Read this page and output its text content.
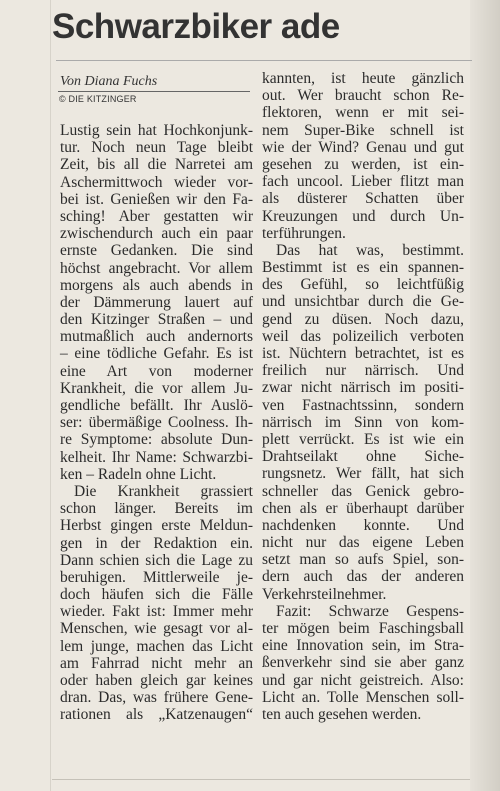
Schwarzbiker ade
Von Diana Fuchs
© DIE KITZINGER
Lustig sein hat Hochkonjunk-
tur. Noch neun Tage bleibt
Zeit, bis all die Narretei am
Aschermittwoch wieder vor-
bei ist. Genießen wir den Fa-
sching! Aber gestatten wir
zwischendurch auch ein paar
ernste Gedanken. Die sind
höchst angebracht. Vor allem
morgens als auch abends in
der Dämmerung lauert auf
den Kitzinger Straßen – und
mutmaßlich auch andernorts
– eine tödliche Gefahr. Es ist
eine Art von moderner
Krankheit, die vor allem Ju-
gendliche befällt. Ihr Auslö-
ser: übermäßige Coolness. Ih-
re Symptome: absolute Dun-
kelheit. Ihr Name: Schwarzbi-
ken – Radeln ohne Licht.
Die Krankheit grassiert
schon länger. Bereits im
Herbst gingen erste Meldun-
gen in der Redaktion ein.
Dann schien sich die Lage zu
beruhigen. Mittlerweile je-
doch häufen sich die Fälle
wieder. Fakt ist: Immer mehr
Menschen, wie gesagt vor al-
lem junge, machen das Licht
am Fahrrad nicht mehr an
oder haben gleich gar keines
dran. Das, was frühere Gene-
rationen als „Katzenaugen“
kannten, ist heute gänzlich
out. Wer braucht schon Re-
flektoren, wenn er mit sei-
nem Super-Bike schnell ist
wie der Wind? Genau und gut
gesehen zu werden, ist ein-
fach uncool. Lieber flitzt man
als düsterer Schatten über
Kreuzungen und durch Un-
terführungen.
Das hat was, bestimmt.
Bestimmt ist es ein spannen-
des Gefühl, so leichtfüßig
und unsichtbar durch die Ge-
gend zu düsen. Noch dazu,
weil das polizeilich verboten
ist. Nüchtern betrachtet, ist es
freilich nur närrisch. Und
zwar nicht närrisch im positi-
ven Fastnachtssinn, sondern
närrisch im Sinn von kom-
plett verrückt. Es ist wie ein
Drahtseilakt ohne Siche-
rungsnetz. Wer fällt, hat sich
schneller das Genick gebro-
chen als er überhaupt darüber
nachdenken konnte. Und
nicht nur das eigene Leben
setzt man so aufs Spiel, son-
dern auch das der anderen
Verkehrsteilnehmer.
Fazit: Schwarze Gespens-
ter mögen beim Faschingsball
eine Innovation sein, im Stra-
ßenverkehr sind sie aber ganz
und gar nicht geistreich. Also:
Licht an. Tolle Menschen soll-
ten auch gesehen werden.
